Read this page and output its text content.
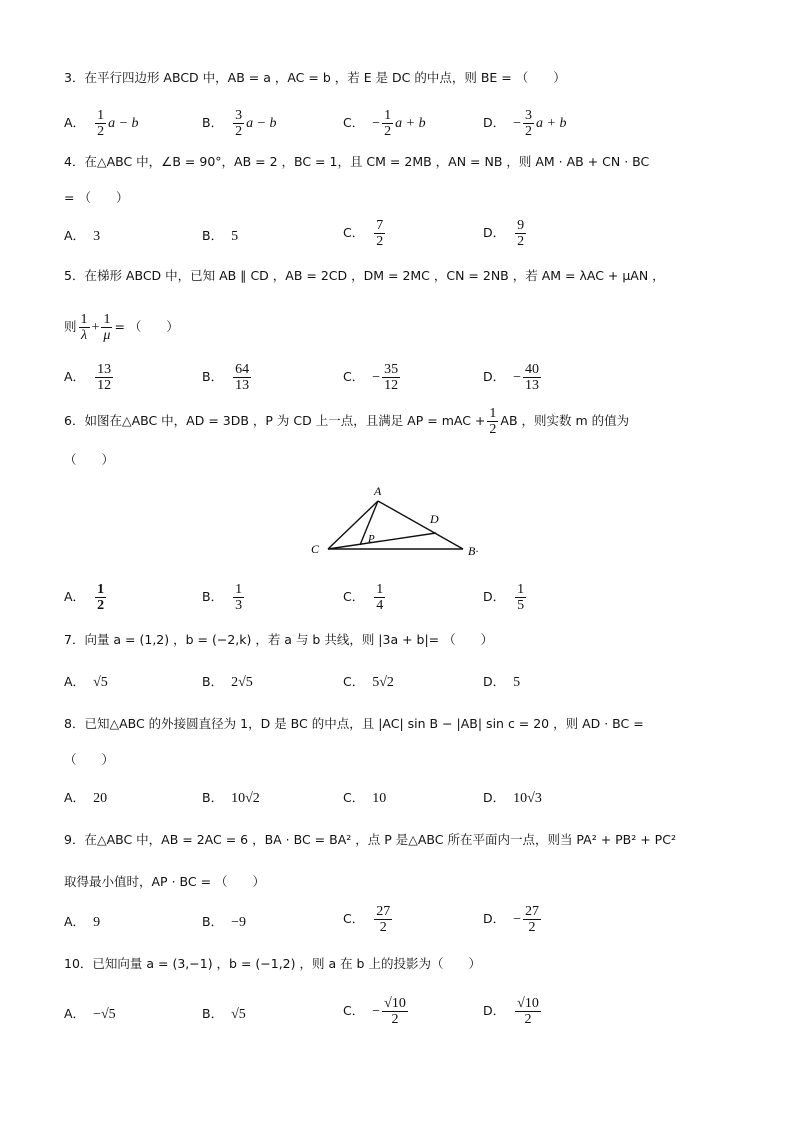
3．在平行四边形 ABCD 中，AB = a ，AC = b ，若 E 是 DC 的中点，则 BE = （　　）
A． $\frac{1}{2}$ a − b	B． $\frac{3}{2}$ a − b	C． − $\frac{1}{2}$ a + b	D． − $\frac{3}{2}$ a + b
4．在△ABC 中，∠B = 90°，AB = 2 ，BC = 1，且 CM = 2MB ，AN = NB ，则 AM · AB + CN · BC
= （　　）
A． 3	B． 5	C． $\frac{7}{2}$	D． $\frac{9}{2}$
5．在梯形 ABCD 中，已知 AB ∥ CD ，AB = 2CD ，DM = 2MC ，CN = 2NB ，若 AM = λAC + μAN ，
则 $\frac{1}{\lambda} + \frac{1}{\mu}$ = （　　）
A． $\frac{13}{12}$	B． $\frac{64}{13}$	C． − $\frac{35}{12}$	D． − $\frac{40}{13}$
6．如图在△ABC 中，AD = 3DB ，P 为 CD 上一点，且满足 AP = mAC + $\frac{1}{2}$ AB ，则实数 m 的值为
（　　）
A
B·
C
D
P
A． $\frac{1}{2}$	B． $\frac{1}{3}$	C． $\frac{1}{4}$	D． $\frac{1}{5}$
7．向量 a = (1,2) ，b = (−2,k) ，若 a 与 b 共线，则 |3a + b|= （　　）
A． √5	B． 2√5	C． 5√2	D． 5
8．已知△ABC 的外接圆直径为 1，D 是 BC 的中点，且 |AC| sin B − |AB| sin c = 20 ，则 AD · BC =
（　　）
A． 20	B． 10√2	C． 10	D． 10√3
9．在△ABC 中，AB = 2AC = 6 ，BA · BC = BA² ，点 P 是△ABC 所在平面内一点，则当 PA² + PB² + PC²
取得最小值时，AP · BC = （　　）
A． 9	B． −9	C． $\frac{27}{2}$	D． − $\frac{27}{2}$
10．已知向量 a = (3,−1) ，b = (−1,2) ，则 a 在 b 上的投影为（　　）
A． −√5	B． √5	C． − $\frac{√10}{2}$	D． $\frac{√10}{2}$
